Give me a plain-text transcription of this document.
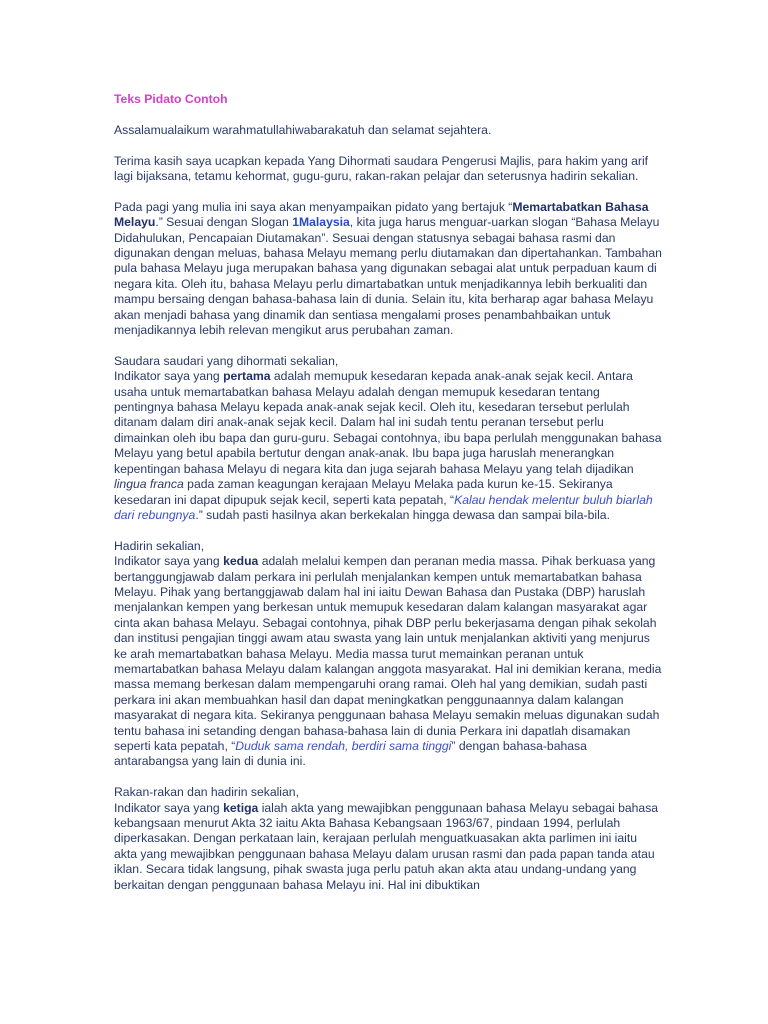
Teks Pidato Contoh

Assalamualaikum warahmatullahiwabarakatuh dan selamat sejahtera.

Terima kasih saya ucapkan kepada Yang Dihormati saudara Pengerusi Majlis, para hakim yang arif lagi bijaksana, tetamu kehormat, gugu-guru, rakan-rakan pelajar dan seterusnya hadirin sekalian.

Pada pagi yang mulia ini saya akan menyampaikan pidato yang bertajuk “Memartabatkan Bahasa Melayu.” Sesuai dengan Slogan 1Malaysia, kita juga harus menguar-uarkan slogan “Bahasa Melayu Didahulukan, Pencapaian Diutamakan”. Sesuai dengan statusnya sebagai bahasa rasmi dan digunakan dengan meluas, bahasa Melayu memang perlu diutamakan dan dipertahankan. Tambahan pula bahasa Melayu juga merupakan bahasa yang digunakan sebagai alat untuk perpaduan kaum di negara kita. Oleh itu, bahasa Melayu perlu dimartabatkan untuk menjadikannya lebih berkualiti dan mampu bersaing dengan bahasa-bahasa lain di dunia. Selain itu, kita berharap agar bahasa Melayu akan menjadi bahasa yang dinamik dan sentiasa mengalami proses penambahbaikan untuk menjadikannya lebih relevan mengikut arus perubahan zaman.

Saudara saudari yang dihormati sekalian,
Indikator saya yang pertama adalah memupuk kesedaran kepada anak-anak sejak kecil. Antara usaha untuk memartabatkan bahasa Melayu adalah dengan memupuk kesedaran tentang pentingnya bahasa Melayu kepada anak-anak sejak kecil. Oleh itu, kesedaran tersebut perlulah ditanam dalam diri anak-anak sejak kecil. Dalam hal ini sudah tentu peranan tersebut perlu dimainkan oleh ibu bapa dan guru-guru. Sebagai contohnya, ibu bapa perlulah menggunakan bahasa Melayu yang betul apabila bertutur dengan anak-anak. Ibu bapa juga haruslah menerangkan kepentingan bahasa Melayu di negara kita dan juga sejarah bahasa Melayu yang telah dijadikan lingua franca pada zaman keagungan kerajaan Melayu Melaka pada kurun ke-15. Sekiranya kesedaran ini dapat dipupuk sejak kecil, seperti kata pepatah, “Kalau hendak melentur buluh biarlah dari rebungnya.” sudah pasti hasilnya akan berkekalan hingga dewasa dan sampai bila-bila.

Hadirin sekalian,
Indikator saya yang kedua adalah melalui kempen dan peranan media massa. Pihak berkuasa yang bertanggungjawab dalam perkara ini perlulah menjalankan kempen untuk memartabatkan bahasa Melayu. Pihak yang bertanggjawab dalam hal ini iaitu Dewan Bahasa dan Pustaka (DBP) haruslah menjalankan kempen yang berkesan untuk memupuk kesedaran dalam kalangan masyarakat agar cinta akan bahasa Melayu. Sebagai contohnya, pihak DBP perlu bekerjasama dengan pihak sekolah dan institusi pengajian tinggi awam atau swasta yang lain untuk menjalankan aktiviti yang menjurus ke arah memartabatkan bahasa Melayu. Media massa turut memainkan peranan untuk memartabatkan bahasa Melayu dalam kalangan anggota masyarakat. Hal ini demikian kerana, media massa memang berkesan dalam mempengaruhi orang ramai. Oleh hal yang demikian, sudah pasti perkara ini akan membuahkan hasil dan dapat meningkatkan penggunaannya dalam kalangan masyarakat di negara kita. Sekiranya penggunaan bahasa Melayu semakin meluas digunakan sudah tentu bahasa ini setanding dengan bahasa-bahasa lain di dunia Perkara ini dapatlah disamakan seperti kata pepatah, “Duduk sama rendah, berdiri sama tinggi” dengan bahasa-bahasa antarabangsa yang lain di dunia ini.

Rakan-rakan dan hadirin sekalian,
Indikator saya yang ketiga ialah akta yang mewajibkan penggunaan bahasa Melayu sebagai bahasa kebangsaan menurut Akta 32 iaitu Akta Bahasa Kebangsaan 1963/67, pindaan 1994, perlulah diperkasakan. Dengan perkataan lain, kerajaan perlulah menguatkuasakan akta parlimen ini iaitu akta yang mewajibkan penggunaan bahasa Melayu dalam urusan rasmi dan pada papan tanda atau iklan. Secara tidak langsung, pihak swasta juga perlu patuh akan akta atau undang-undang yang berkaitan dengan penggunaan bahasa Melayu ini. Hal ini dibuktikan
